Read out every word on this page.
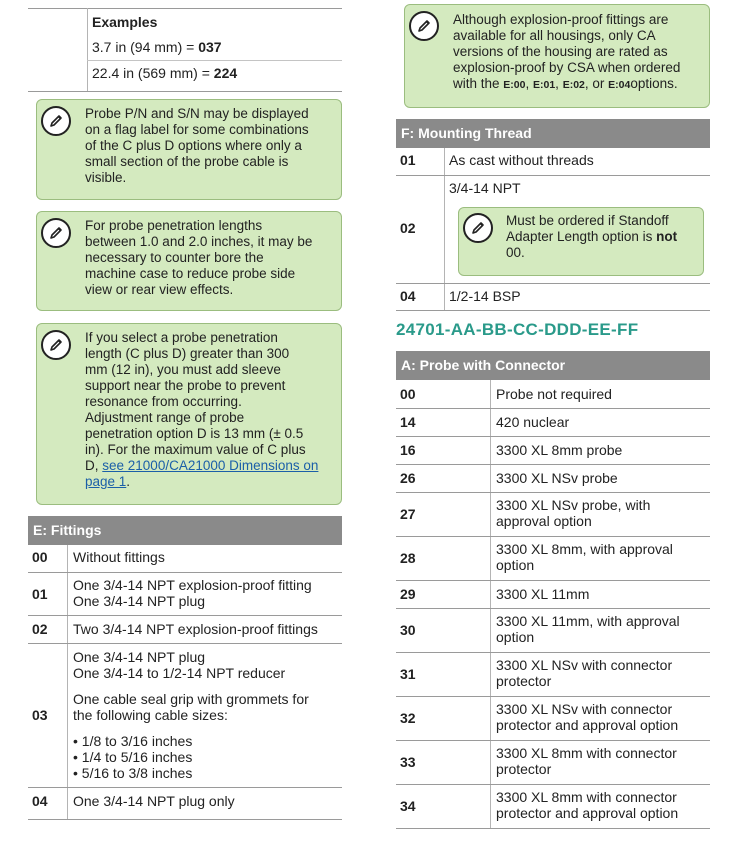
Examples
3.7 in (94 mm) = 037
22.4 in (569 mm) = 224
Probe P/N and S/N may be displayed
on a flag label for some combinations
of the C plus D options where only a
small section of the probe cable is
visible.
For probe penetration lengths
between 1.0 and 2.0 inches, it may be
necessary to counter bore the
machine case to reduce probe side
view or rear view effects.
If you select a probe penetration
length (C plus D) greater than 300
mm (12 in), you must add sleeve
support near the probe to prevent
resonance from occurring.
Adjustment range of probe
penetration option D is 13 mm (± 0.5
in). For the maximum value of C plus
D, see 21000/CA21000 Dimensions on
page 1.
E: Fittings
00 Without fittings
01
One 3/4-14 NPT explosion-proof fitting
One 3/4-14 NPT plug
02 Two 3/4-14 NPT explosion-proof fittings
03
One 3/4-14 NPT plug
One 3/4-14 to 1/2-14 NPT reducer
One cable seal grip with grommets for
the following cable sizes:
• 1/8 to 3/16 inches
• 1/4 to 5/16 inches
• 5/16 to 3/8 inches
04 One 3/4-14 NPT plug only
Although explosion-proof fittings are
available for all housings, only CA
versions of the housing are rated as
explosion-proof by CSA when ordered
with the E:00, E:01, E:02, or E:04options.
F: Mounting Thread
01 As cast without threads
02
3/4-14 NPT
Must be ordered if Standoff
Adapter Length option is not
00.
04 1/2-14 BSP
24701-AA-BB-CC-DDD-EE-FF
A: Probe with Connector
00	Probe not required
14	420 nuclear
16	3300 XL 8mm probe
26	3300 XL NSv probe
27
3300 XL NSv probe, with
approval option
28
3300 XL 8mm, with approval
option
29	3300 XL 11mm
30
3300 XL 11mm, with approval
option
31
3300 XL NSv with connector
protector
32
3300 XL NSv with connector
protector and approval option
33
3300 XL 8mm with connector
protector
34
3300 XL 8mm with connector
protector and approval option
